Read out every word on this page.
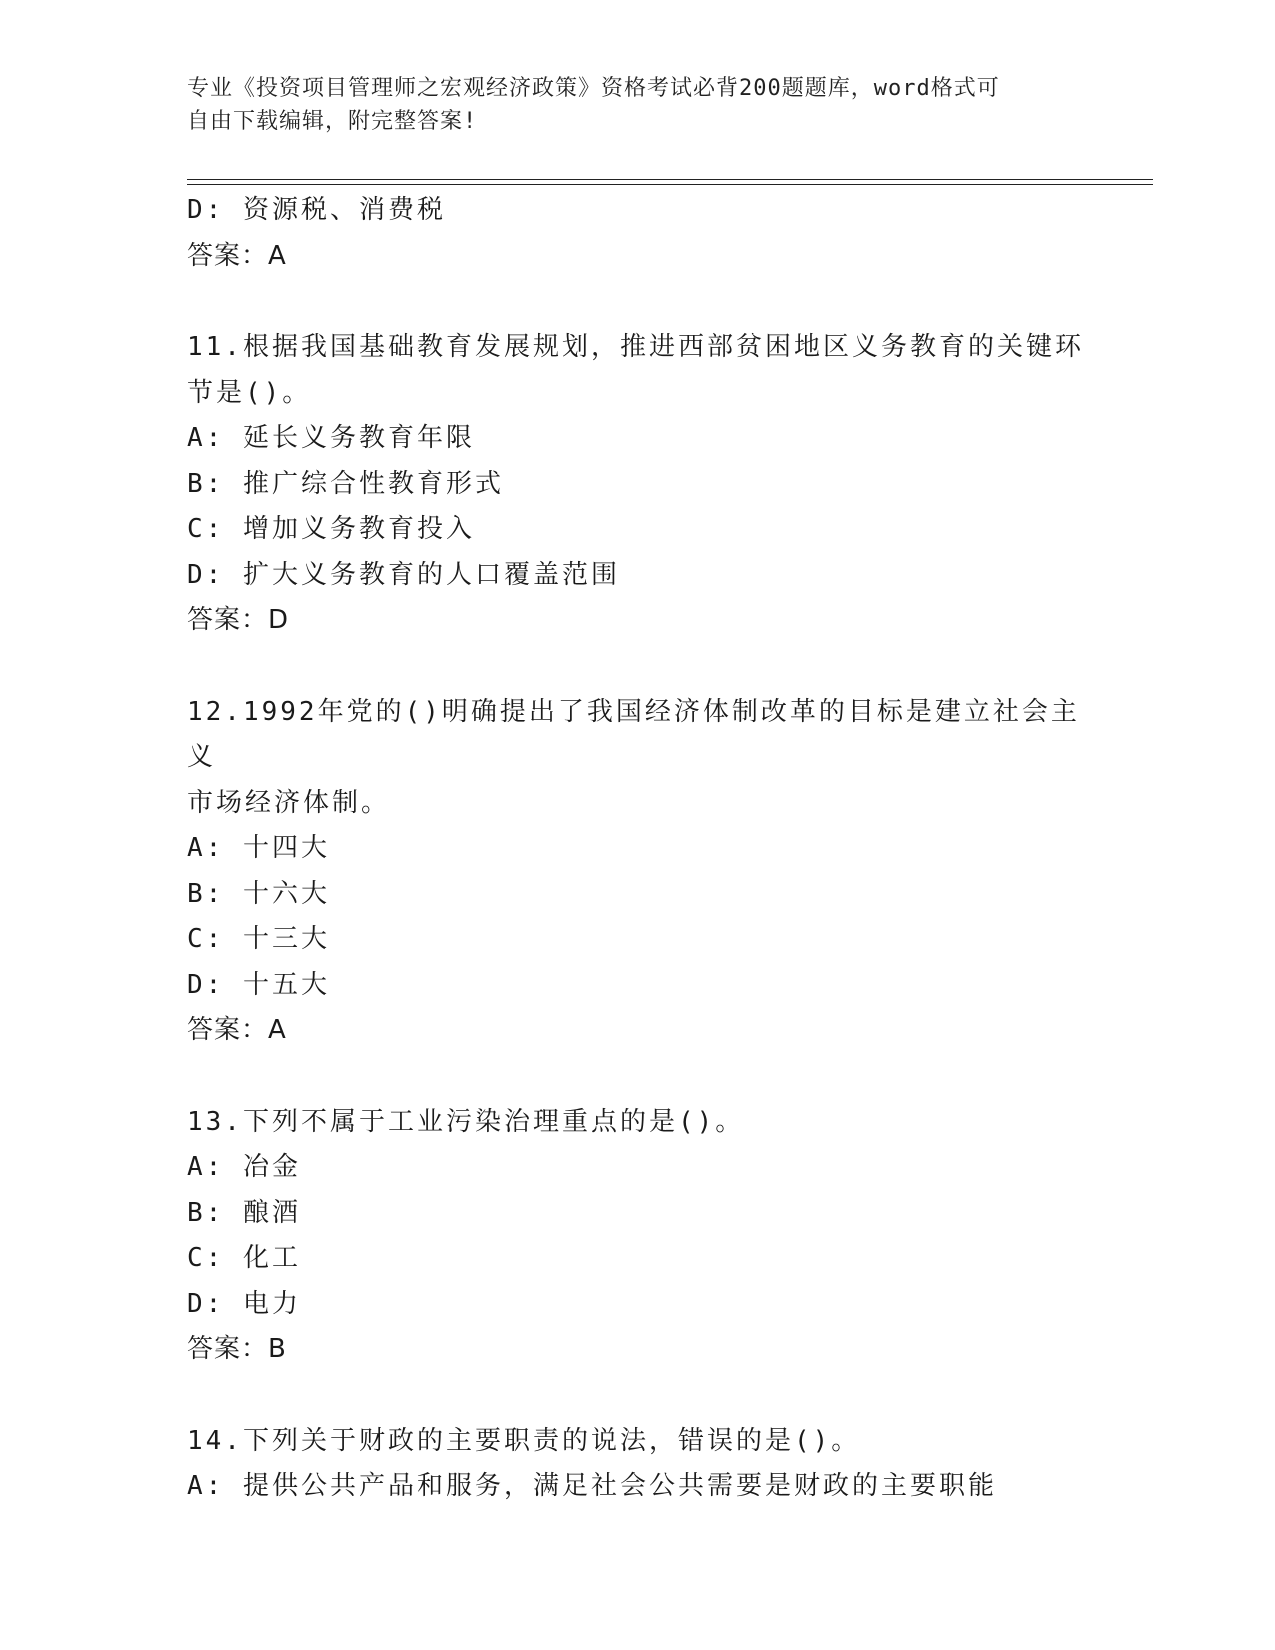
专业《投资项目管理师之宏观经济政策》资格考试必背200题题库，word格式可
自由下载编辑，附完整答案!
D: 资源税、消费税
答案：A
11.根据我国基础教育发展规划，推进西部贫困地区义务教育的关键环
节是()。
A: 延长义务教育年限
B: 推广综合性教育形式
C: 增加义务教育投入
D: 扩大义务教育的人口覆盖范围
答案：D
12.1992年党的()明确提出了我国经济体制改革的目标是建立社会主义
市场经济体制。
A: 十四大
B: 十六大
C: 十三大
D: 十五大
答案：A
13.下列不属于工业污染治理重点的是()。
A: 冶金
B: 酿酒
C: 化工
D: 电力
答案：B
14.下列关于财政的主要职责的说法，错误的是()。
A: 提供公共产品和服务，满足社会公共需要是财政的主要职能
